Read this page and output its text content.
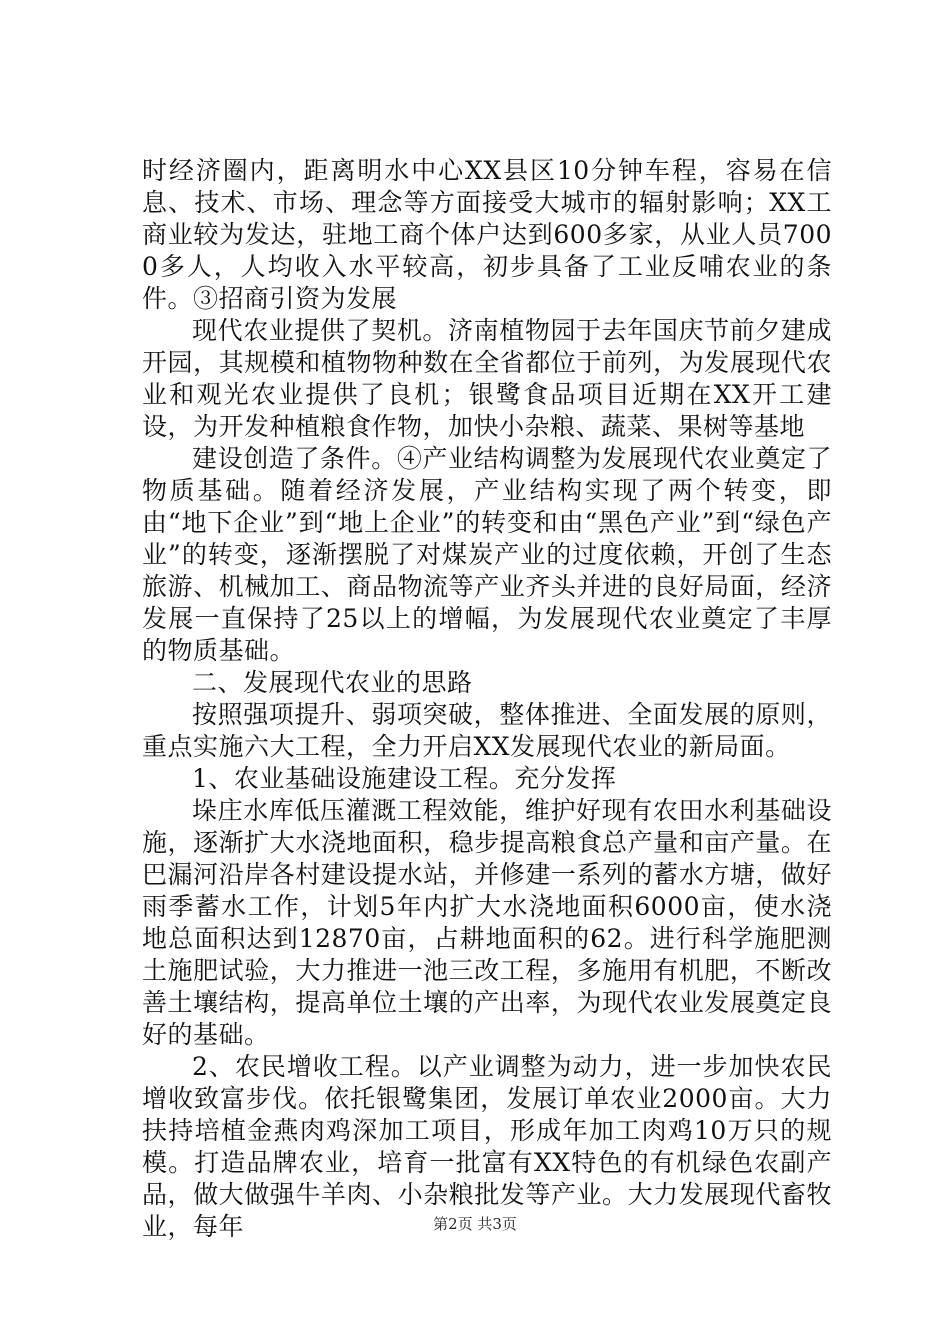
时经济圈内，距离明水中心XX县区10分钟车程，容易在信息、技术、市场、理念等方面接受大城市的辐射影响；XX工商业较为发达，驻地工商个体户达到600多家，从业人员7000多人，人均收入水平较高，初步具备了工业反哺农业的条件。③招商引资为发展

现代农业提供了契机。济南植物园于去年国庆节前夕建成开园，其规模和植物物种数在全省都位于前列，为发展现代农业和观光农业提供了良机；银鹭食品项目近期在XX开工建设，为开发种植粮食作物，加快小杂粮、蔬菜、果树等基地

建设创造了条件。④产业结构调整为发展现代农业奠定了物质基础。随着经济发展，产业结构实现了两个转变，即由“地下企业”到“地上企业”的转变和由“黑色产业”到“绿色产业”的转变，逐渐摆脱了对煤炭产业的过度依赖，开创了生态旅游、机械加工、商品物流等产业齐头并进的良好局面，经济发展一直保持了25以上的增幅，为发展现代农业奠定了丰厚的物质基础。

二、发展现代农业的思路

按照强项提升、弱项突破，整体推进、全面发展的原则，重点实施六大工程，全力开启XX发展现代农业的新局面。

1、农业基础设施建设工程。充分发挥

垛庄水库低压灌溉工程效能，维护好现有农田水利基础设施，逐渐扩大水浇地面积，稳步提高粮食总产量和亩产量。在巴漏河沿岸各村建设提水站，并修建一系列的蓄水方塘，做好雨季蓄水工作，计划5年内扩大水浇地面积6000亩，使水浇地总面积达到12870亩，占耕地面积的62。进行科学施肥测土施肥试验，大力推进一池三改工程，多施用有机肥，不断改善土壤结构，提高单位土壤的产出率，为现代农业发展奠定良好的基础。

2、农民增收工程。以产业调整为动力，进一步加快农民增收致富步伐。依托银鹭集团，发展订单农业2000亩。大力扶持培植金燕肉鸡深加工项目，形成年加工肉鸡10万只的规模。打造品牌农业，培育一批富有XX特色的有机绿色农副产品，做大做强牛羊肉、小杂粮批发等产业。大力发展现代畜牧业，每年	第2页 共3页
